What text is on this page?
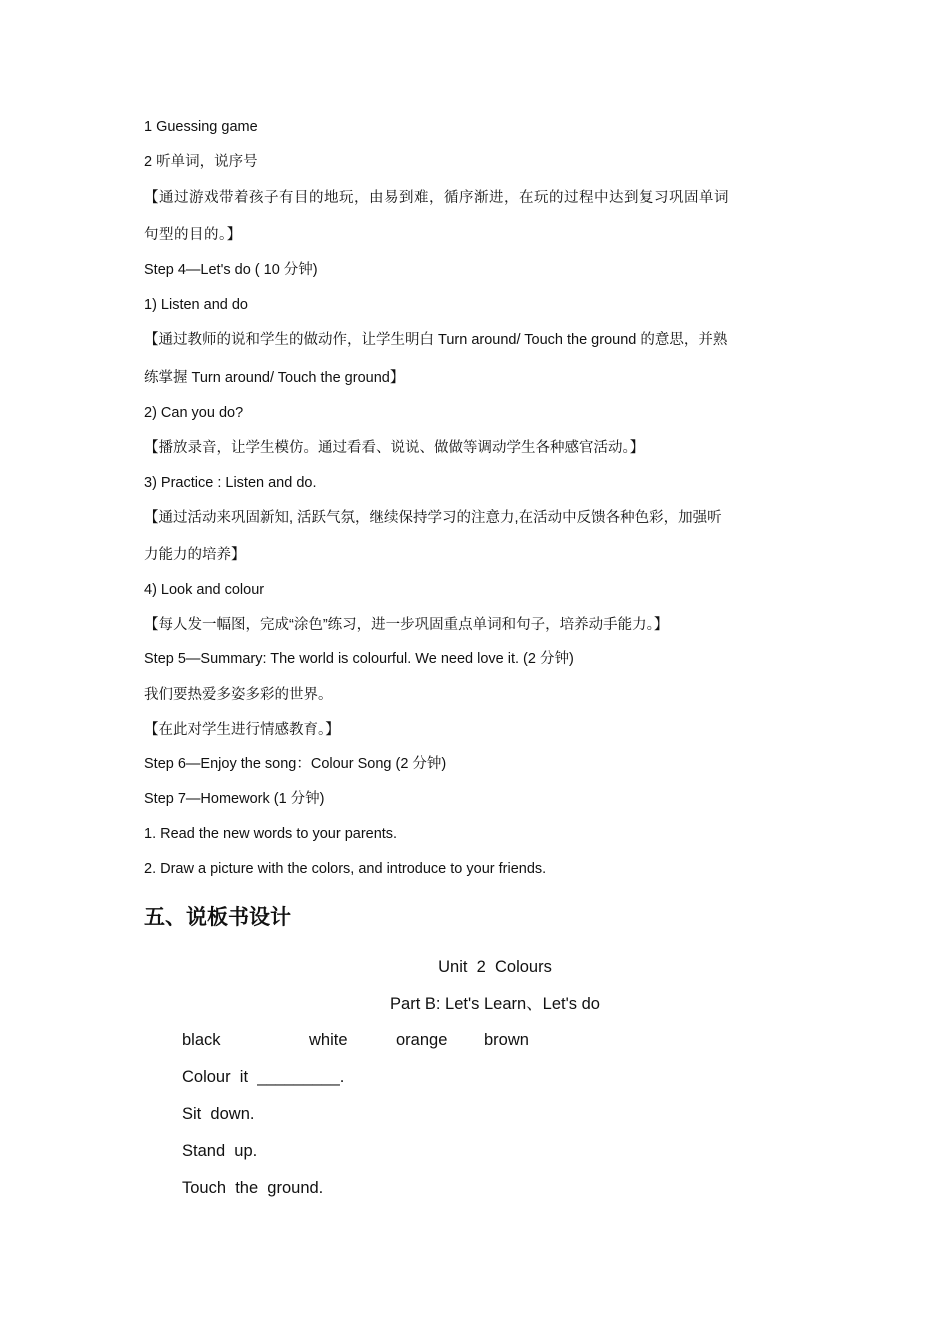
1 Guessing game
2 听单词，说序号
【通过游戏带着孩子有目的地玩，由易到难，循序渐进，在玩的过程中达到复习巩固单词
句型的目的。】
Step 4—Let's do ( 10 分钟)
1) Listen and do
【通过教师的说和学生的做动作，让学生明白 Turn around/ Touch the ground 的意思，并熟
练掌握 Turn around/ Touch the ground】
2) Can you do?
【播放录音，让学生模仿。通过看看、说说、做做等调动学生各种感官活动。】
3) Practice : Listen and do.
【通过活动来巩固新知, 活跃气氛，继续保持学习的注意力,在活动中反馈各种色彩，加强听
力能力的培养】
4) Look and colour
【每人发一幅图，完成“涂色”练习，进一步巩固重点单词和句子，培养动手能力。】
Step 5—Summary: The world is colourful. We need love it. (2 分钟)
我们要热爱多姿多彩的世界。
【在此对学生进行情感教育。】
Step 6—Enjoy the song：Colour Song (2 分钟)
Step 7—Homework (1 分钟)
1. Read the new words to your parents.
2. Draw a picture with the colors, and introduce to your friends.
五、说板书设计
Unit  2  Colours
Part B: Let's Learn、Let's do
black	white	orange brown
Colour  it  _________.
Sit  down.
Stand  up.
Touch  the  ground.
